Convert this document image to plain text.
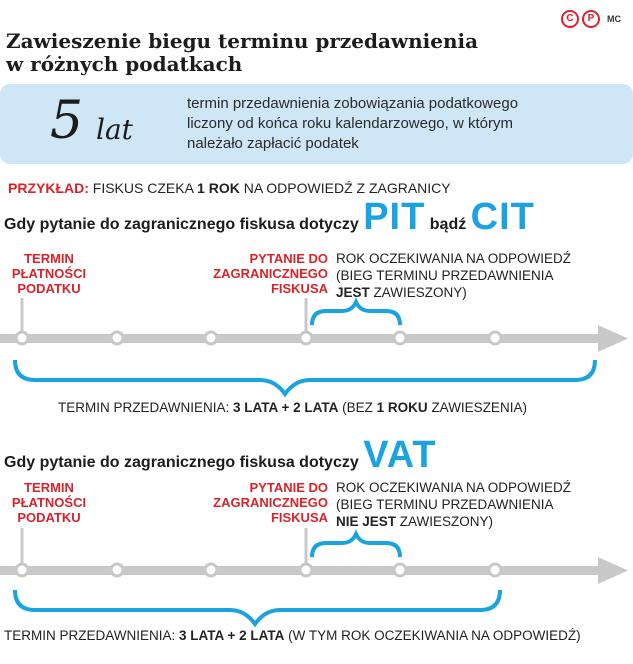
C	P	MC
Zawieszenie biegu terminu przedawnienia
w różnych podatkach
5 lat
termin przedawnienia zobowiązania podatkowego
liczony od końca roku kalendarzowego, w którym
należało zapłacić podatek
PRZYKŁAD: FISKUS CZEKA 1 ROK NA ODPOWIEDŹ Z ZAGRANICY
Gdy pytanie do zagranicznego fiskusa dotyczy PIT bądź CIT
TERMIN
PŁATNOŚCI
PODATKU
PYTANIE DO
ZAGRANICZNEGO
FISKUSA
ROK OCZEKIWANIA NA ODPOWIEDŹ
(BIEG TERMINU PRZEDAWNIENIA
JEST ZAWIESZONY)
TERMIN PRZEDAWNIENIA: 3 LATA + 2 LATA (BEZ 1 ROKU ZAWIESZENIA)
Gdy pytanie do zagranicznego fiskusa dotyczy VAT
TERMIN
PŁATNOŚCI
PODATKU
PYTANIE DO
ZAGRANICZNEGO
FISKUSA
ROK OCZEKIWANIA NA ODPOWIEDŹ
(BIEG TERMINU PRZEDAWNIENIA
NIE JEST ZAWIESZONY)
TERMIN PRZEDAWNIENIA: 3 LATA + 2 LATA (W TYM ROK OCZEKIWANIA NA ODPOWIEDŹ)
